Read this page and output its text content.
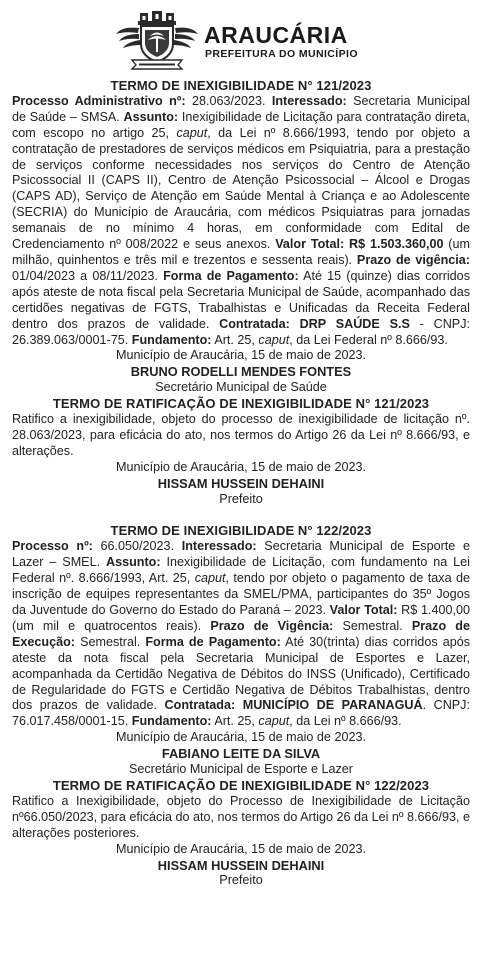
ARAUCÁRIA
PREFEITURA DO MUNICÍPIO

TERMO DE INEXIGIBILIDADE N° 121/2023

Processo Administrativo nº: 28.063/2023. Interessado: Secretaria Municipal de Saúde – SMSA. Assunto: Inexigibilidade de Licitação para contratação direta, com escopo no artigo 25, caput, da Lei nº 8.666/1993, tendo por objeto a contratação de prestadores de serviços médicos em Psiquiatria, para a prestação de serviços conforme necessidades nos serviços do Centro de Atenção Psicossocial II (CAPS II), Centro de Atenção Psicossocial – Álcool e Drogas (CAPS AD), Serviço de Atenção em Saúde Mental à Criança e ao Adolescente (SECRIA) do Município de Araucária, com médicos Psiquiatras para jornadas semanais de no mínimo 4 horas, em conformidade com Edital de Credenciamento nº 008/2022 e seus anexos. Valor Total: R$ 1.503.360,00 (um milhão, quinhentos e três mil e trezentos e sessenta reais). Prazo de vigência: 01/04/2023 a 08/11/2023. Forma de Pagamento: Até 15 (quinze) dias corridos após ateste de nota fiscal pela Secretaria Municipal de Saúde, acompanhado das certidões negativas de FGTS, Trabalhistas e Unificadas da Receita Federal dentro dos prazos de validade. Contratada: DRP SAÚDE S.S - CNPJ: 26.389.063/0001-75. Fundamento: Art. 25, caput, da Lei Federal nº 8.666/93.

Município de Araucária, 15 de maio de 2023.

BRUNO RODELLI MENDES FONTES

Secretário Municipal de Saúde

TERMO DE RATIFICAÇÃO DE INEXIGIBILIDADE N° 121/2023

Ratifico a inexigibilidade, objeto do processo de inexigibilidade de licitação nº. 28.063/2023, para eficácia do ato, nos termos do Artigo 26 da Lei nº 8.666/93, e alterações.

Município de Araucária, 15 de maio de 2023.

HISSAM HUSSEIN DEHAINI

Prefeito

TERMO DE INEXIGIBILIDADE N° 122/2023

Processo nº: 66.050/2023. Interessado: Secretaria Municipal de Esporte e Lazer – SMEL. Assunto: Inexigibilidade de Licitação, com fundamento na Lei Federal nº. 8.666/1993, Art. 25, caput, tendo por objeto o pagamento de taxa de inscrição de equipes representantes da SMEL/PMA, participantes do 35º Jogos da Juventude do Governo do Estado do Paraná – 2023. Valor Total: R$ 1.400,00 (um mil e quatrocentos reais). Prazo de Vigência: Semestral. Prazo de Execução: Semestral. Forma de Pagamento: Até 30(trinta) dias corridos após ateste da nota fiscal pela Secretaria Municipal de Esportes e Lazer, acompanhada da Certidão Negativa de Débitos do INSS (Unificado), Certificado de Regularidade do FGTS e Certidão Negativa de Débitos Trabalhistas, dentro dos prazos de validade. Contratada: MUNICÍPIO DE PARANAGUÁ. CNPJ: 76.017.458/0001-15. Fundamento: Art. 25, caput, da Lei nº 8.666/93.

Município de Araucária, 15 de maio de 2023.

FABIANO LEITE DA SILVA

Secretário Municipal de Esporte e Lazer

TERMO DE RATIFICAÇÃO DE INEXIGIBILIDADE N° 122/2023

Ratifico a Inexigibilidade, objeto do Processo de Inexigibilidade de Licitação nº66.050/2023, para eficácia do ato, nos termos do Artigo 26 da Lei nº 8.666/93, e alterações posteriores.

Município de Araucária, 15 de maio de 2023.

HISSAM HUSSEIN DEHAINI

Prefeito
